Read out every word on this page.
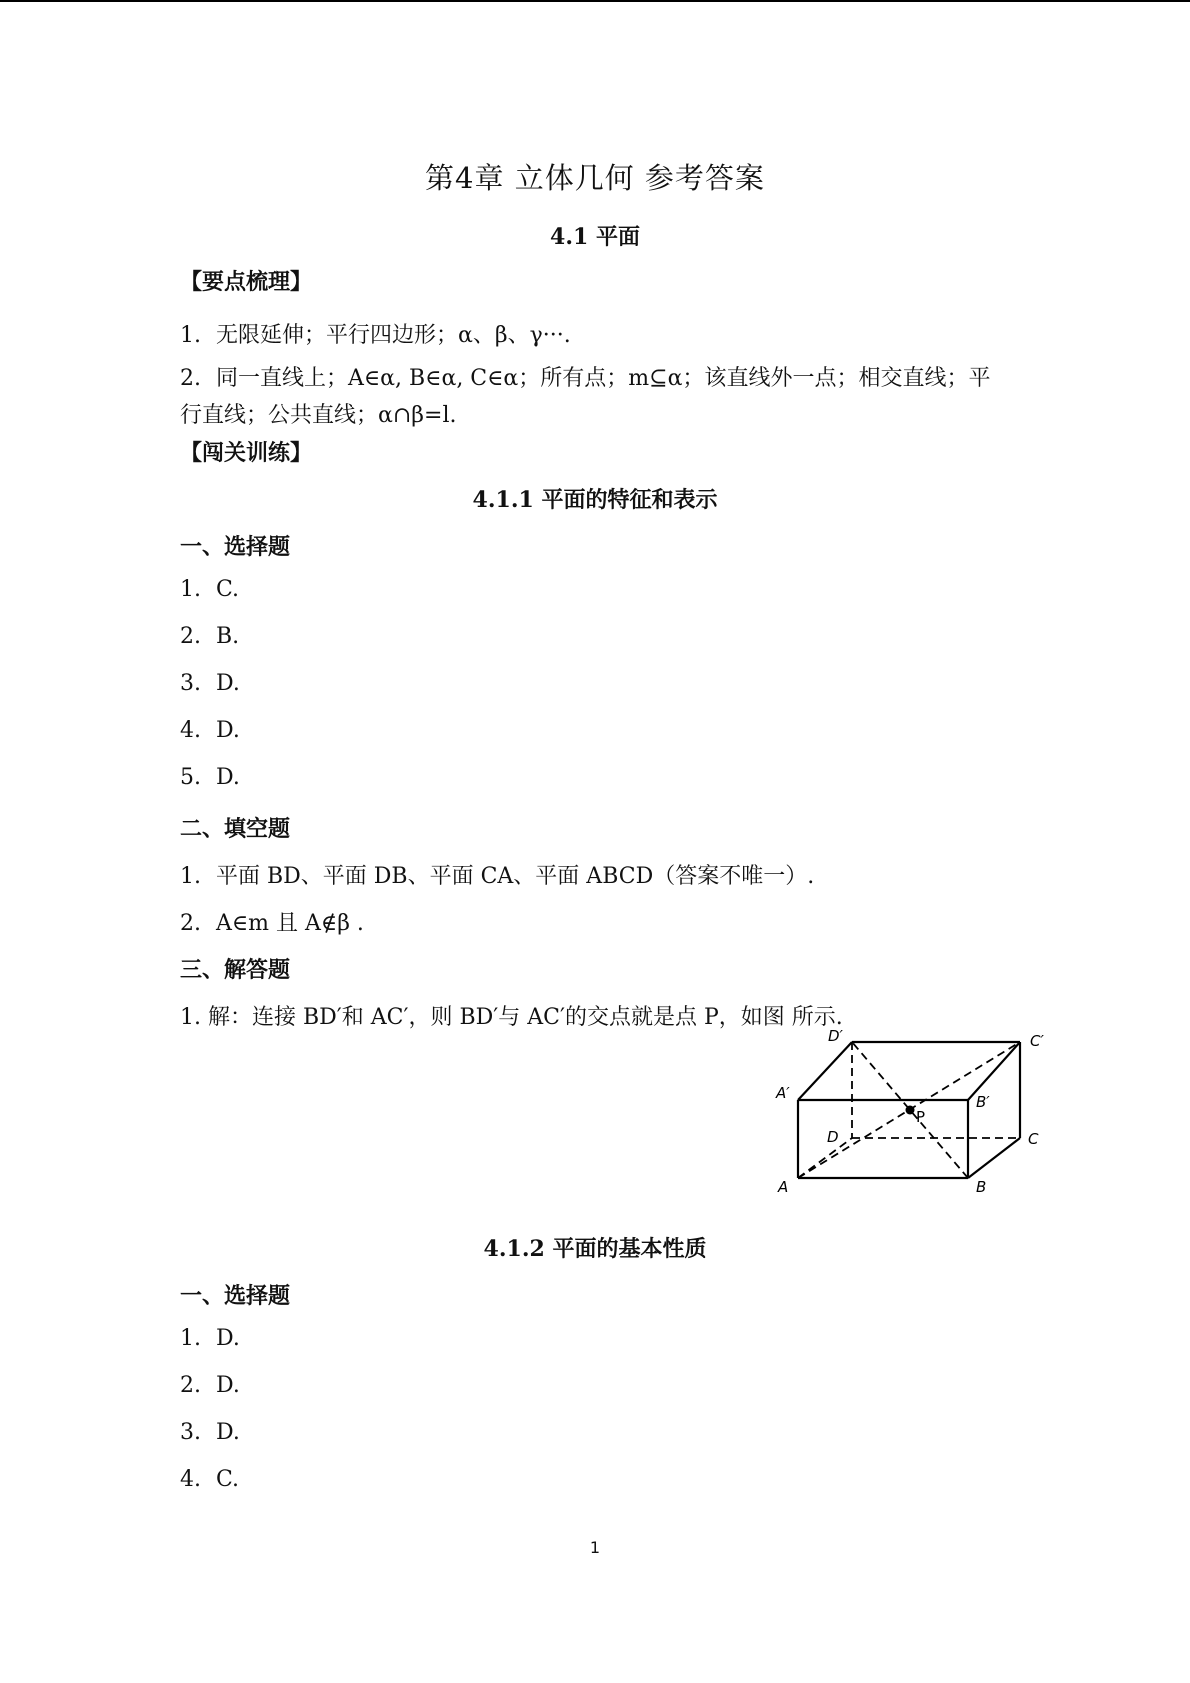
第4章 立体几何 参考答案
4.1 平面
【要点梳理】
1. 无限延伸；平行四边形；α、β、γ···.
2. 同一直线上；A∈α, B∈α, C∈α；所有点；m⊆α；该直线外一点；相交直线；平行直线；公共直线；α∩β=l.
【闯关训练】
4.1.1 平面的特征和表示
一、选择题
1. C.
2. B.
3. D.
4. D.
5. D.
二、填空题
1. 平面 BD、平面 DB、平面 CA、平面 ABCD（答案不唯一）.
2. A∈m 且 A∉β .
三、解答题
1. 解：连接 BD′和 AC′，则 BD′与 AC′的交点就是点 P，如图 所示.
A	B
C
D
A′	B′
C′
D′
P
4.1.2 平面的基本性质
一、选择题
1. D.
2. D.
3. D.
4. C.
1
